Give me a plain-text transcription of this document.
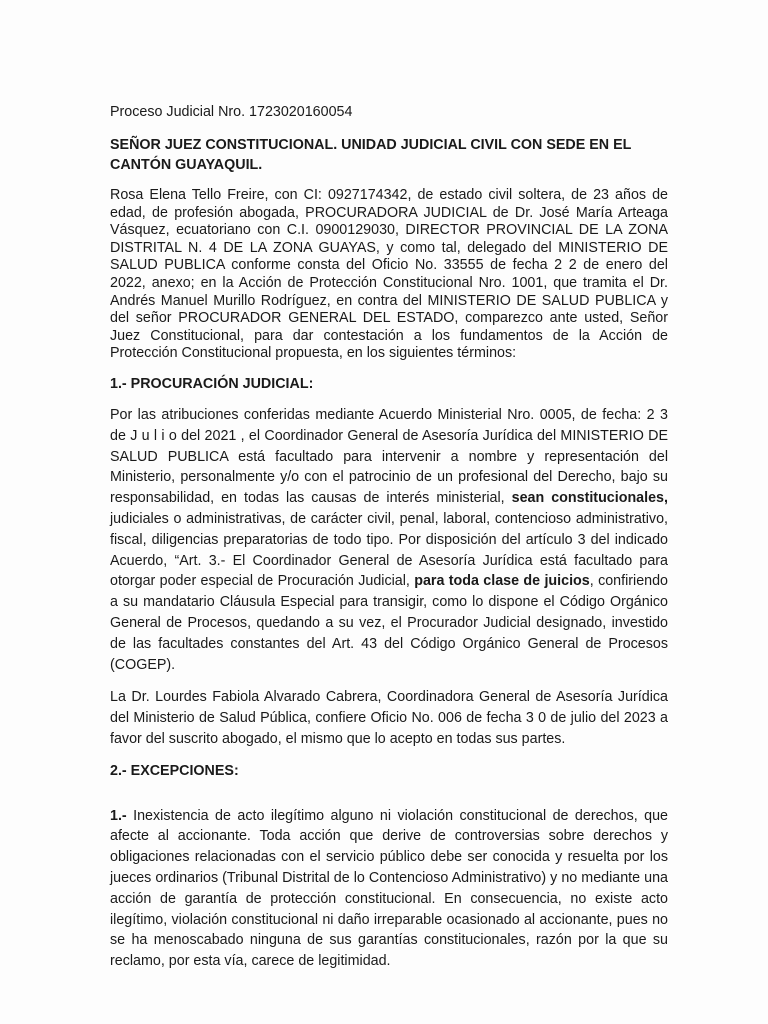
Proceso Judicial Nro. 1723020160054

SEÑOR JUEZ CONSTITUCIONAL. UNIDAD JUDICIAL CIVIL CON SEDE EN EL CANTÓN GUAYAQUIL.

Rosa Elena Tello Freire, con CI: 0927174342, de estado civil soltera, de 23 años de edad, de profesión abogada, PROCURADORA JUDICIAL de Dr. José María Arteaga Vásquez, ecuatoriano con C.I. 0900129030, DIRECTOR PROVINCIAL DE LA ZONA DISTRITAL N. 4 DE LA ZONA GUAYAS, y como tal, delegado del MINISTERIO DE SALUD PUBLICA conforme consta del Oficio No. 33555 de fecha 2 2 de enero del 2022, anexo; en la Acción de Protección Constitucional Nro. 1001, que tramita el Dr. Andrés Manuel Murillo Rodríguez, en contra del MINISTERIO DE SALUD PUBLICA y del señor PROCURADOR GENERAL DEL ESTADO, comparezco ante usted, Señor Juez Constitucional, para dar contestación a los fundamentos de la Acción de Protección Constitucional propuesta, en los siguientes términos:

1.- PROCURACIÓN JUDICIAL:

Por las atribuciones conferidas mediante Acuerdo Ministerial Nro. 0005, de fecha: 2 3 de J u l i o del 2021 , el Coordinador General de Asesoría Jurídica del MINISTERIO DE SALUD PUBLICA está facultado para intervenir a nombre y representación del Ministerio, personalmente y/o con el patrocinio de un profesional del Derecho, bajo su responsabilidad, en todas las causas de interés ministerial, sean constitucionales, judiciales o administrativas, de carácter civil, penal, laboral, contencioso administrativo, fiscal, diligencias preparatorias de todo tipo. Por disposición del artículo 3 del indicado Acuerdo, “Art. 3.- El Coordinador General de Asesoría Jurídica está facultado para otorgar poder especial de Procuración Judicial, para toda clase de juicios, confiriendo a su mandatario Cláusula Especial para transigir, como lo dispone el Código Orgánico General de Procesos, quedando a su vez, el Procurador Judicial designado, investido de las facultades constantes del Art. 43 del Código Orgánico General de Procesos (COGEP).

La Dr. Lourdes Fabiola Alvarado Cabrera, Coordinadora General de Asesoría Jurídica del Ministerio de Salud Pública, confiere Oficio No. 006 de fecha 3 0 de julio del 2023 a favor del suscrito abogado, el mismo que lo acepto en todas sus partes.

2.- EXCEPCIONES:

1.- Inexistencia de acto ilegítimo alguno ni violación constitucional de derechos, que afecte al accionante. Toda acción que derive de controversias sobre derechos y obligaciones relacionadas con el servicio público debe ser conocida y resuelta por los jueces ordinarios (Tribunal Distrital de lo Contencioso Administrativo) y no mediante una acción de garantía de protección constitucional. En consecuencia, no existe acto ilegítimo, violación constitucional ni daño irreparable ocasionado al accionante, pues no se ha menoscabado ninguna de sus garantías constitucionales, razón por la que su reclamo, por esta vía, carece de legitimidad.
